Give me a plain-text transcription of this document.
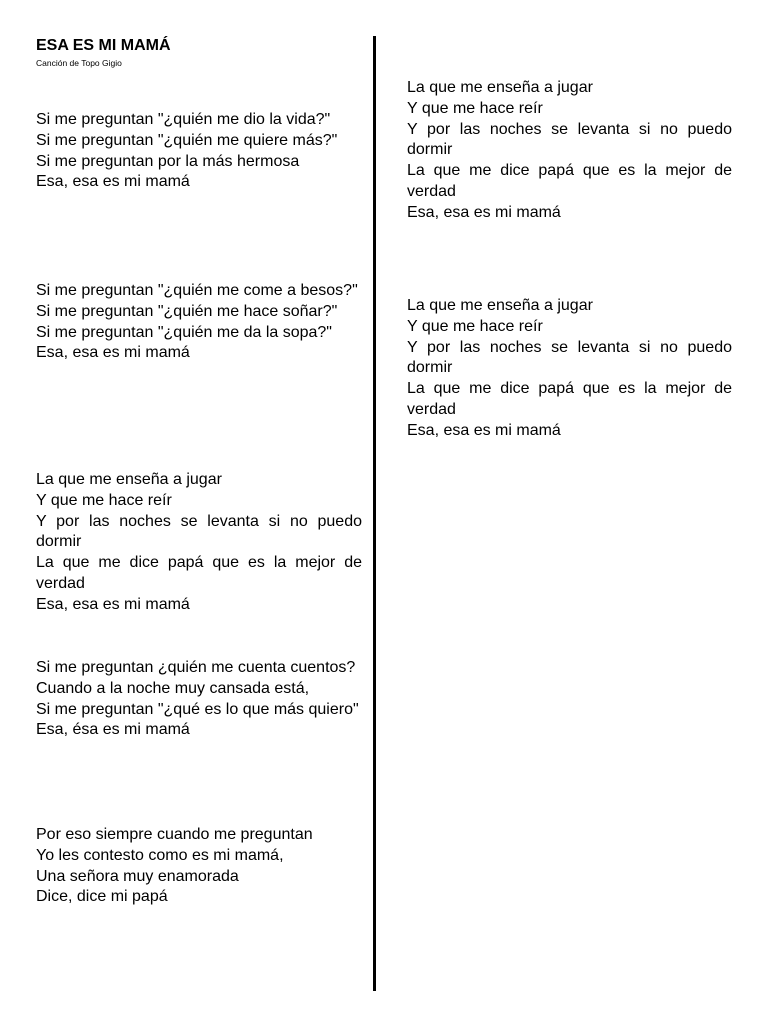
ESA ES MI MAMÁ
Canción de Topo Gigio
Si me preguntan "¿quién me dio la vida?"
Si me preguntan "¿quién me quiere más?"
Si me preguntan por la más hermosa
Esa, esa es mi mamá
Si me preguntan "¿quién me come a besos?"
Si me preguntan "¿quién me hace soñar?"
Si me preguntan "¿quién me da la sopa?"
Esa, esa es mi mamá
La que me enseña a jugar
Y que me hace reír
Y por las noches se levanta si no puedo dormir
La que me dice papá que es la mejor de verdad
Esa, esa es mi mamá
Si me preguntan ¿quién me cuenta cuentos?
Cuando a la noche muy cansada está,
Si me preguntan "¿qué es lo que más quiero"
Esa, ésa es mi mamá
Por eso siempre cuando me preguntan
Yo les contesto como es mi mamá,
Una señora muy enamorada
Dice, dice mi papá
La que me enseña a jugar
Y que me hace reír
Y por las noches se levanta si no puedo dormir
La que me dice papá que es la mejor de verdad
Esa, esa es mi mamá
La que me enseña a jugar
Y que me hace reír
Y por las noches se levanta si no puedo dormir
La que me dice papá que es la mejor de verdad
Esa, esa es mi mamá
